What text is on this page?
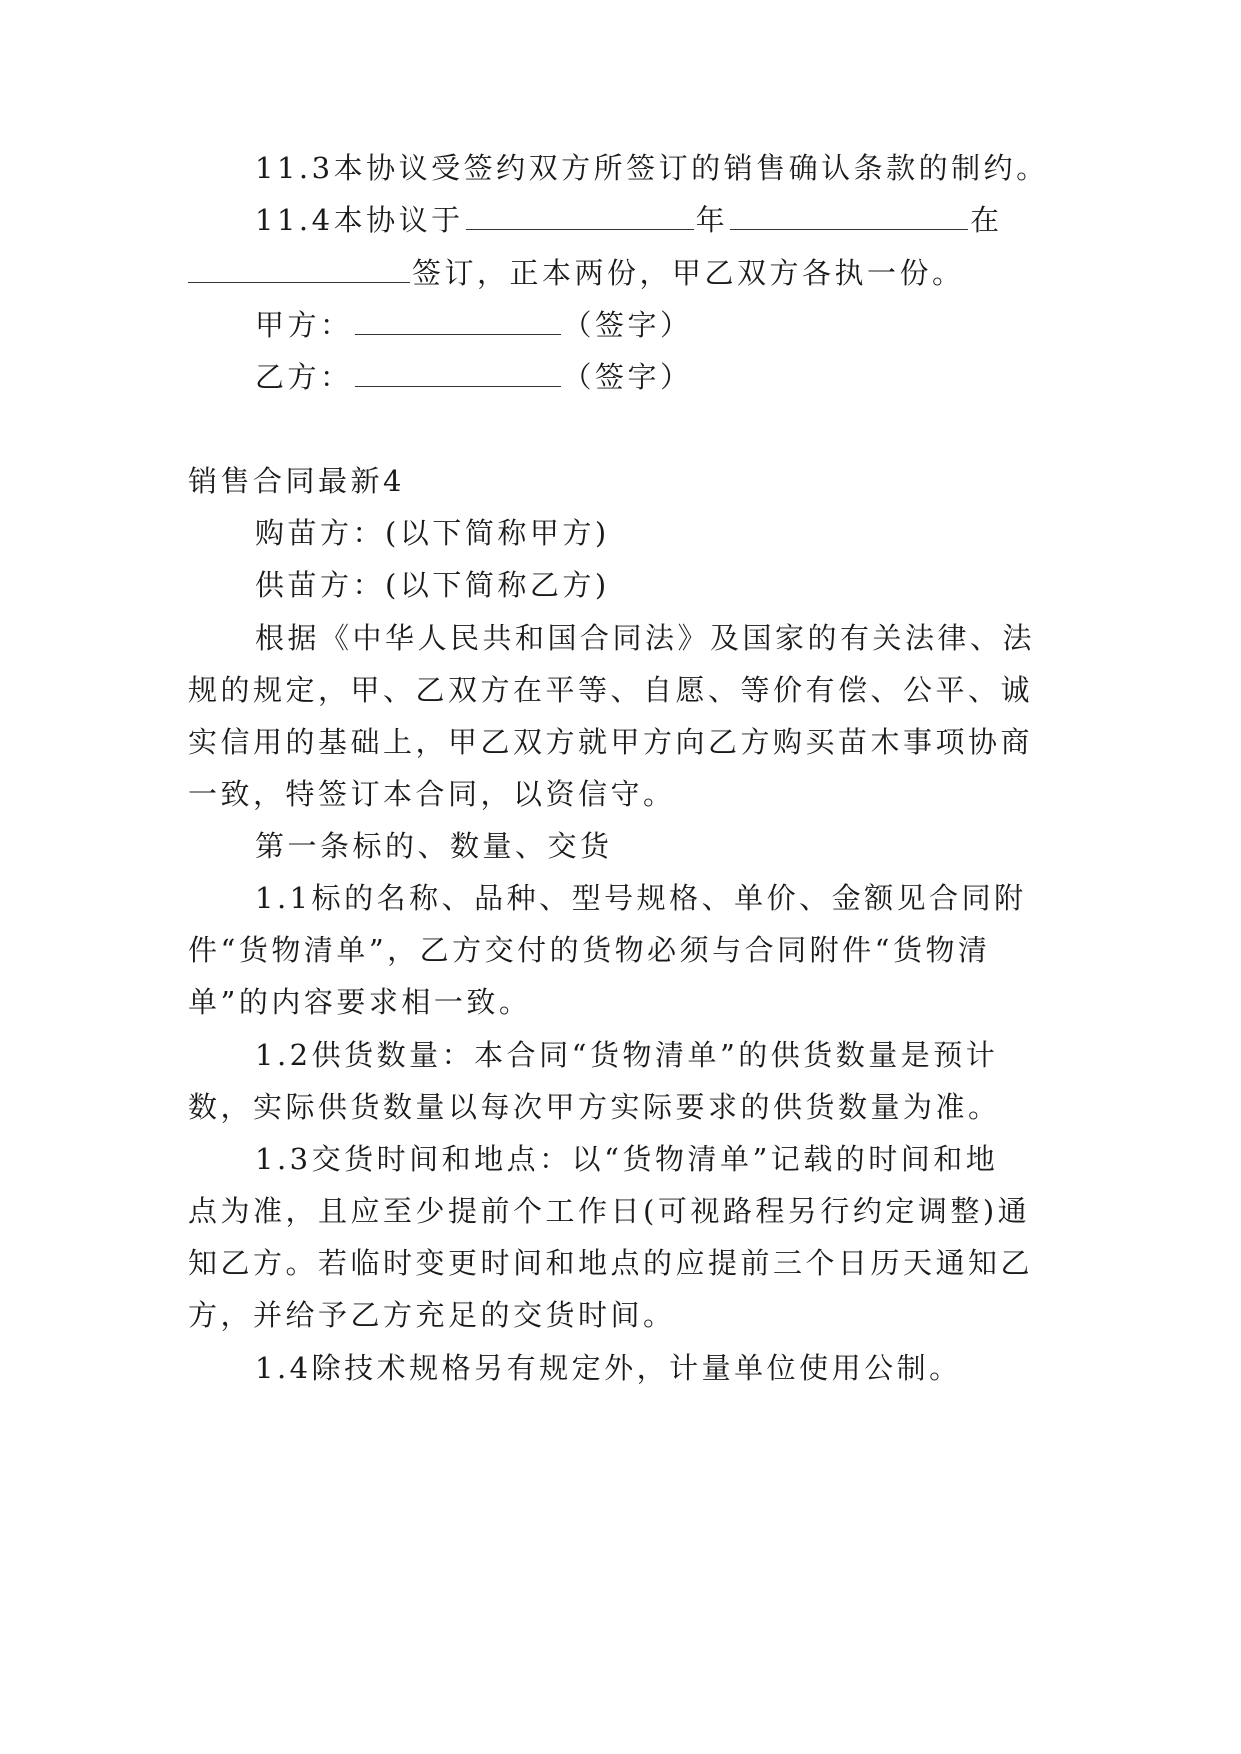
11.3本协议受签约双方所签订的销售确认条款的制约。
11.4本协议于	年	在
签订，正本两份，甲乙双方各执一份。
甲方：	（签字）
乙方：	（签字）
销售合同最新4
购苗方：(以下简称甲方)
供苗方：(以下简称乙方)
根据《中华人民共和国合同法》及国家的有关法律、法
规的规定，甲、乙双方在平等、自愿、等价有偿、公平、诚
实信用的基础上，甲乙双方就甲方向乙方购买苗木事项协商
一致，特签订本合同，以资信守。
第一条标的、数量、交货
1.1标的名称、品种、型号规格、单价、金额见合同附
件“货物清单”，乙方交付的货物必须与合同附件“货物清
单”的内容要求相一致。
1.2供货数量：本合同“货物清单”的供货数量是预计
数，实际供货数量以每次甲方实际要求的供货数量为准。
1.3交货时间和地点：以“货物清单”记载的时间和地
点为准，且应至少提前个工作日(可视路程另行约定调整)通
知乙方。若临时变更时间和地点的应提前三个日历天通知乙
方，并给予乙方充足的交货时间。
1.4除技术规格另有规定外，计量单位使用公制。
